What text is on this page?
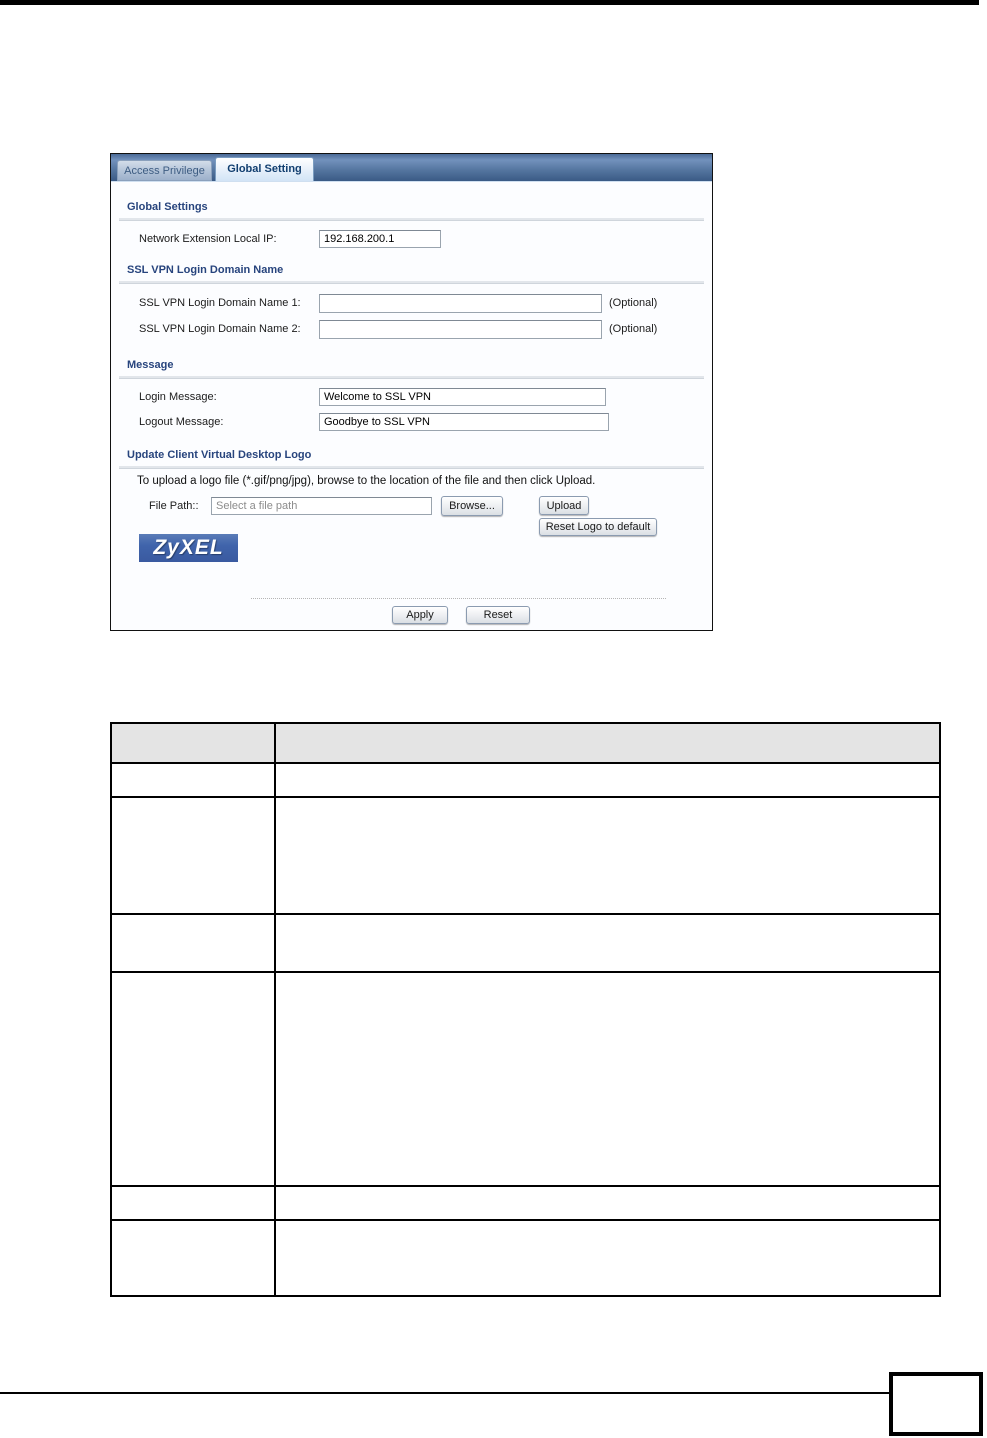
Access Privilege	Global Setting
Global Settings
Network Extension Local IP:
192.168.200.1
SSL VPN Login Domain Name
SSL VPN Login Domain Name 1:	(Optional)
SSL VPN Login Domain Name 2:	(Optional)
Message
Login Message:
Welcome to SSL VPN
Logout Message:
Goodbye to SSL VPN
Update Client Virtual Desktop Logo
To upload a logo file (*.gif/png/jpg), browse to the location of the file and then click Upload.
File Path::
Select a file path	Browse...	Upload
Reset Logo to default
ZyXEL
Apply	Reset
